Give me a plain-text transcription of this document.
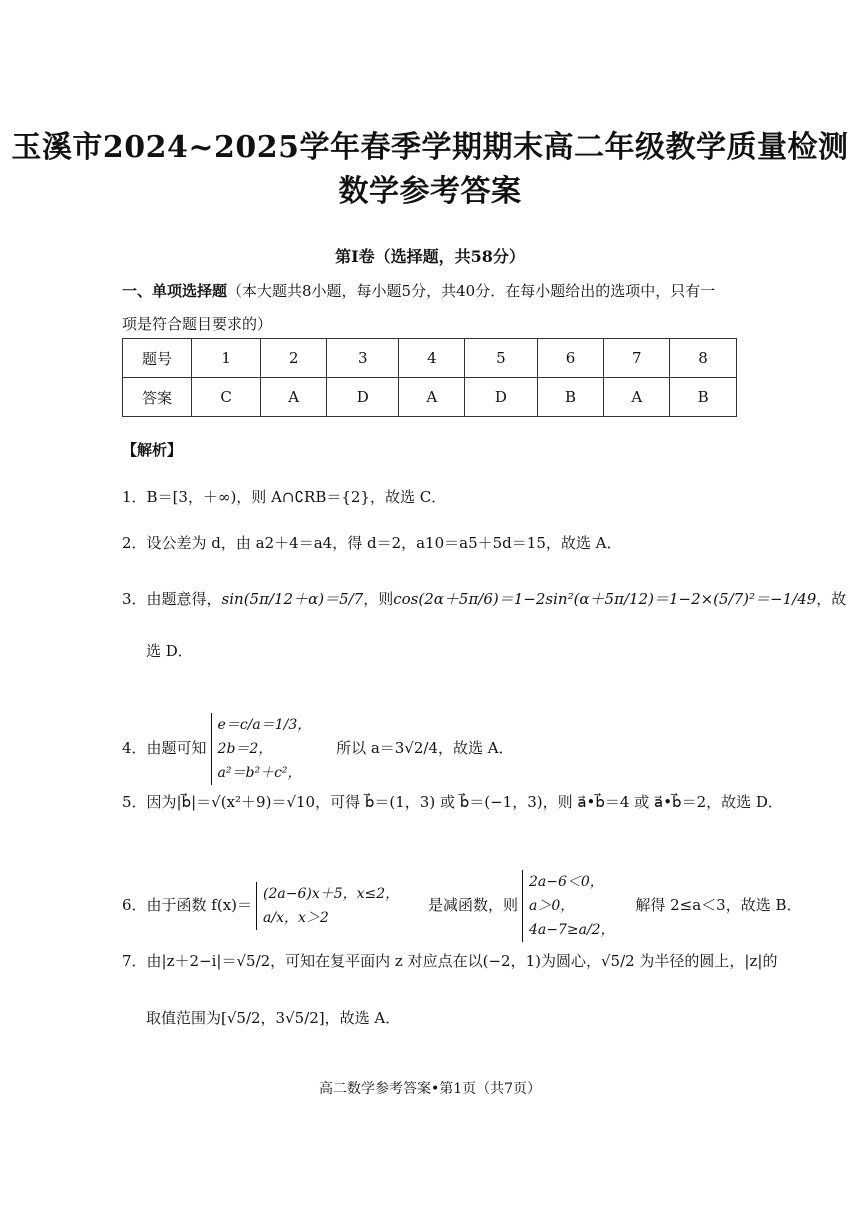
玉溪市2024~2025学年春季学期期末高二年级教学质量检测
数学参考答案
第Ⅰ卷（选择题，共58分）
一、单项选择题（本大题共8小题，每小题5分，共40分．在每小题给出的选项中，只有一
项是符合题目要求的）
题号	1	2	3	4	5	6	7	8
答案	C	A	D	A	D	B	A	B
【解析】
1．B＝[3，＋∞)，则 A∩∁RB＝{2}，故选 C．
2．设公差为 d，由 a2＋4＝a4，得 d＝2，a10＝a5＋5d＝15，故选 A．
3．由题意得，sin(5π/12＋α)＝5/7，则cos(2α＋5π/6)＝1−2sin²(α＋5π/12)＝1−2×(5/7)²＝−1/49，故
选 D．
4．由题可知
e＝c/a＝1/3，
2b＝2，
a²＝b²＋c²，
所以 a＝3√2/4，故选 A．
5．因为|b⃗|＝√(x²＋9)＝√10，可得 b⃗＝(1，3) 或 b⃗＝(−1，3)，则 a⃗•b⃗＝4 或 a⃗•b⃗＝2，故选 D．
6．由于函数 f(x)＝
(2a−6)x＋5，x≤2，
a/x，x＞2
是减函数，则
2a−6＜0，
a＞0，
4a−7≥a/2，
解得 2≤a＜3，故选 B．
7．由|z＋2−i|＝√5/2，可知在复平面内 z 对应点在以(−2，1)为圆心，√5/2 为半径的圆上，|z|的
取值范围为[√5/2，3√5/2]，故选 A．
高二数学参考答案•第1页（共7页）
